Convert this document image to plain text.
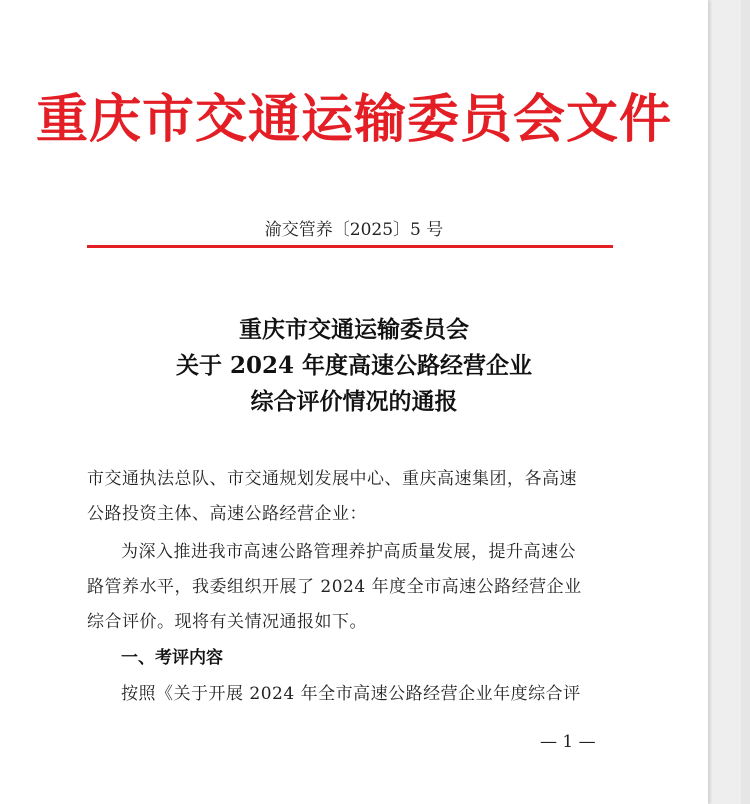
重庆市交通运输委员会文件
渝交管养〔2025〕5 号
重庆市交通运输委员会
关于 2024 年度高速公路经营企业
综合评价情况的通报
市交通执法总队、市交通规划发展中心、重庆高速集团，各高速
公路投资主体、高速公路经营企业：
为深入推进我市高速公路管理养护高质量发展，提升高速公
路管养水平，我委组织开展了 2024 年度全市高速公路经营企业
综合评价。现将有关情况通报如下。
一、考评内容
按照《关于开展 2024 年全市高速公路经营企业年度综合评
— 1 —
